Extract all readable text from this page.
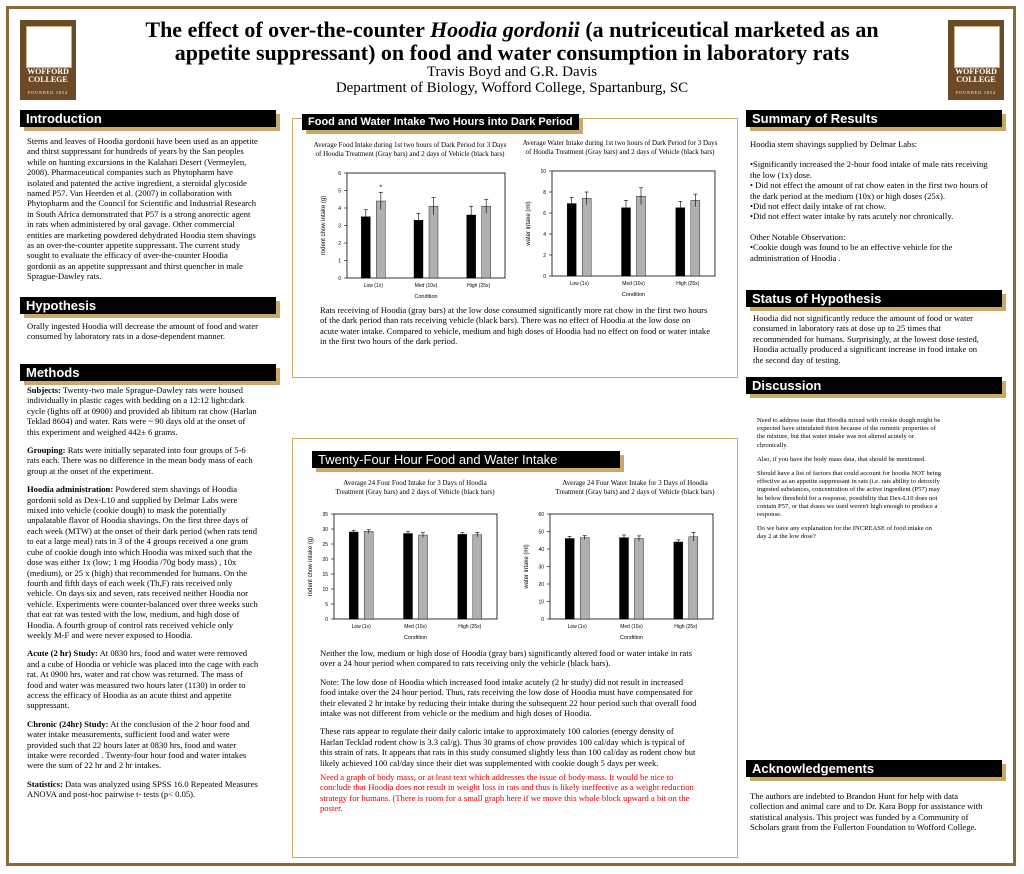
WOFFORD
COLLEGE
FOUNDED 1854
WOFFORD
COLLEGE
FOUNDED 1854
The effect of over-the-counter Hoodia gordonii (a nutriceutical marketed as an appetite suppressant) on food and water consumption in laboratory rats
Travis Boyd and G.R. Davis
Department of Biology, Wofford College, Spartanburg, SC
Introduction
Stems and leaves of Hoodia gordonii have been used as an appetite and thirst suppressant for hundreds of years by the San peoples while on hunting excursions in the Kalahari Desert (Vermeylen, 2008). Pharmaceutical companies such as Phytopharm have isolated and patented the active ingredient, a steroidal glycoside named P57. Van Heerden et al. (2007) in collaboration with Phytopharm and the Council for Scientific and Industrial Research in South Africa demonstrated that P57 is a strong anorectic agent in rats when administered by oral gavage. Other commercial entities are marketing powdered dehydrated Hoodia stem shavings as an over-the-counter appetite suppressant. The current study sought to evaluate the efficacy of over-the-counter Hoodia gordonii as an appetite suppressant and thirst quencher in male Sprague-Dawley rats.
Hypothesis
Orally ingested Hoodia will decrease the amount of food and water consumed by laboratory rats in a dose-dependent manner.
Methods

Subjects: Twenty-two male Sprague-Dawley rats were housed individually in plastic cages with bedding on a 12:12 light:dark cycle (lights off at 0900) and provided ab libitum rat chow (Harlan Teklad 8604) and water. Rats were ~ 90 days old at the onset of this experiment and weighed 442± 6 grams.

Grouping: Rats were initially separated into four groups of 5-6 rats each. There was no difference in the mean body mass of each group at the onset of the experiment.

Hoodia administration: Powdered stem shavings of Hoodia gordonii sold as Dex-L10 and supplied by Delmar Labs were mixed into vehicle (cookie dough) to mask the potentially unpalatable flavor of Hoodia shavings. On the first three days of each week (MTW) at the onset of their dark period (when rats tend to eat a large meal) rats in 3 of the 4 groups received a one gram cube of cookie dough into which Hoodia was mixed such that the dose was either 1x (low; 1 mg Hoodia /70g body mass) , 10x (medium), or 25 x (high) that recommended for humans. On the fourth and fifth days of each week (Th,F) rats received only vehicle. On days six and seven, rats received neither Hoodia nor vehicle. Experiments were counter-balanced over three weeks such that eat rat was tested with the low, medium, and high dose of Hoodia. A fourth group of control rats received vehicle only weekly M-F and were never exposed to Hoodia.

Acute (2 hr) Study: At 0830 hrs, food and water were removed and a cube of Hoodia or vehicle was placed into the cage with each rat. At 0900 hrs, water and rat chow was returned. The mass of food and water was measured two hours later (1130) in order to access the efficacy of Hoodia as an acute thirst and appetite suppressant.

Chronic (24hr) Study: At the conclusion of the 2 hour food and water intake measurements, sufficient food and water were provided such that 22 hours later at 0830 hrs, food and water intake were recorded . Twenty-four hour food and water intakes were the sum of 22 hr and 2 hr intakes.

Statistics: Data was analyzed using SPSS 16.0 Repeated Measures ANOVA and post-hoc pairwise t- tests (p< 0.05).

Food and Water Intake Two Hours into Dark Period
Average Food Intake during 1st two hours of Dark Period for 3 Days of Hoodia Treatment (Gray bars) and 2 days of Vehicle (black bars)
Average Water Intake during 1st two hours of Dark Period for 3 Days of Hoodia Treatment (Gray bars) and 2 days of Vehicle (black bars)
0
1
2
3
4
5
6
rodent chow intake (g)
Condition
Low (1x)
*
Med (10x)	High (25x)
0
2
4
6
8
10
water intake (ml)
Condition
Low (1x)	Med (10x)	High (25x)
Rats receiving of Hoodia (gray bars) at the low dose consumed significantly more rat chow in the first two hours of the dark period than rats receiving vehicle (black bars). There was no effect of Hoodia at the low dose on acute water intake. Compared to vehicle, medium and high doses of Hoodia had no effect on food or water intake in the first two hours of the dark period.
Twenty-Four Hour Food and Water Intake
Average 24 Four Food Intake for 3 Days of Hoodia Treatment (Gray bars) and 2 days of Vehicle (black bars)
Average 24 Four Water Intake for 3 Days of Hoodia Treatment (Gray bars) and 2 days of Vehicle (black bars)
0
5
10
15
20
25
30
35
rodent chow intake (g)
Condition
Low (1x)	Med (10x)	High (25x)
0
10
20
30
40
50
60
water intake (ml)
Condition
Low (1x)	Med (10x)	High (25x)

Neither the low, medium or high dose of Hoodia (gray bars) significantly altered food or water intake in rats over a 24 hour period when compared to rats receiving only the vehicle (black bars).

Note: The low dose of Hoodia which increased food intake acutely (2 hr study) did not result in increased food intake over the 24 hour period. Thus, rats receiving the low dose of Hoodia must have compensated for their elevated 2 hr intake by reducing their intake during the subsequent 22 hour period such that overall food intake was not different from vehicle or the medium and high doses of Hoodia.

These rats appear to regulate their daily caloric intake to approximately 100 calories (energy density of Harlan Tecklad rodent chow is 3.3 cal/g). Thus 30 grams of chow provides 100 cal/day which is typical of this strain of rats. It appears that rats in this study consumed slightly less than 100 cal/day as rodent chow but likely achieved 100 cal/day since their diet was supplemented with cookie dough 5 days per week.

Need a graph of body mass, or at least text which addresses the issue of body mass. It would be nice to conclude that Hoodia does not result in weight loss in rats and thus is likely ineffective as a weight reduction strategy for humans. (There is room for a small graph here if we move this whole block upward a bit on the poster.

Summary of Results
Hoodia stem shavings supplied by Delmar Labs:
•Significantly increased the 2-hour food intake of male rats receiving the low (1x) dose.
• Did not effect the amount of rat chow eaten in the first two hours of the dark period at the medium (10x) or high doses (25x).
•Did not effect daily intake of rat chow.
•Did not effect water intake by rats acutely nor chronically.
Other Notable Observation:
•Cookie dough was found to be an effective vehicle for the administration of Hoodia .
Status of Hypothesis
Hoodia did not significantly reduce the amount of food or water consumed in laboratory rats at dose up to 25 times that recommended for humans. Surprisingly, at the lowest dose tested, Hoodia actually produced a significant increase in food intake on the second day of testing.
Discussion

Need to address issue that Hoodia mixed with cookie dough might be expected have stimulated thirst because of the osmotic properties of the mixture, but that water intake was not altered acutely or chronically.

Also, if you have the body mass data, that should be mentioned.

Should have a list of factors that could account for hoodia NOT being effective as an appetite suppressant in rats (i.e. rats ability to detoxify ingested substances, concentration of the active ingredient (P57) may be below threshold for a response, possibility that Dex-L10 does not contain P57, or that doses we used weren't high enough to produce a response.

Do we have any explanation for the INCREASE of food intake on day 2 at the low dose?

Acknowledgements
The authors are indebted to Brandon Hunt for help with data collection and animal care and to Dr. Kara Bopp for assistance with statistical analysis. This project was funded by a Community of Scholars grant from the Fullerton Foundation to Wofford College.
